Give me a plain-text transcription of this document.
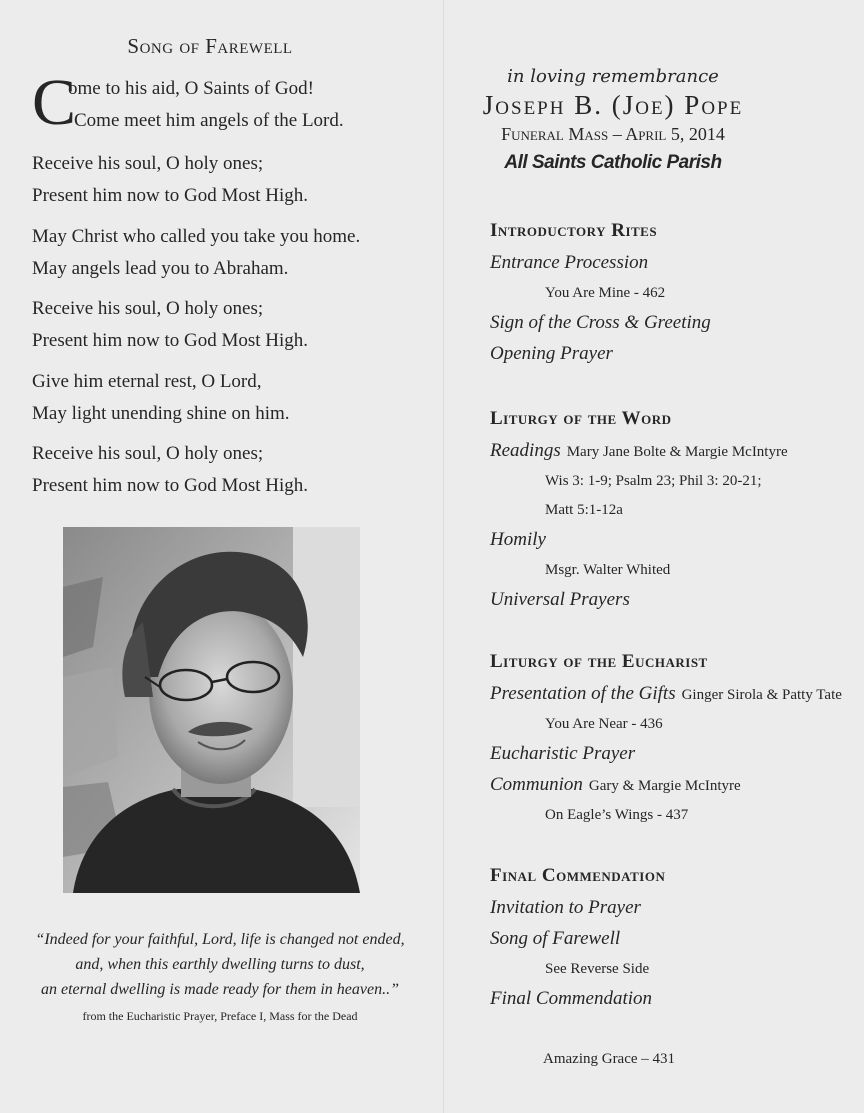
Song of Farewell
C
ome to his aid, O Saints of God!
Come meet him angels of the Lord.
Receive his soul, O holy ones;
Present him now to God Most High.
May Christ who called you take you home.
May angels lead you to Abraham.
Receive his soul, O holy ones;
Present him now to God Most High.
Give him eternal rest, O Lord,
May light unending shine on him.
Receive his soul, O holy ones;
Present him now to God Most High.
“Indeed for your faithful, Lord, life is changed not ended,
and, when this earthly dwelling turns to dust,
an eternal dwelling is made ready for them in heaven..”
from the Eucharistic Prayer, Preface I, Mass for the Dead
in loving remembrance
Joseph B. (Joe) Pope
Funeral Mass – April 5, 2014
All Saints Catholic Parish
Introductory Rites
Entrance Procession
You Are Mine - 462
Sign of the Cross & Greeting
Opening Prayer
Liturgy of the Word
Readings Mary Jane Bolte & Margie McIntyre
Wis 3: 1-9; Psalm 23; Phil 3: 20-21;
Matt 5:1-12a
Homily
Msgr. Walter Whited
Universal Prayers
Liturgy of the Eucharist
Presentation of the Gifts Ginger Sirola & Patty Tate
You Are Near - 436
Eucharistic Prayer
Communion Gary & Margie McIntyre
On Eagle’s Wings - 437
Final Commendation
Invitation to Prayer
Song of Farewell
See Reverse Side
Final Commendation
Amazing Grace – 431
